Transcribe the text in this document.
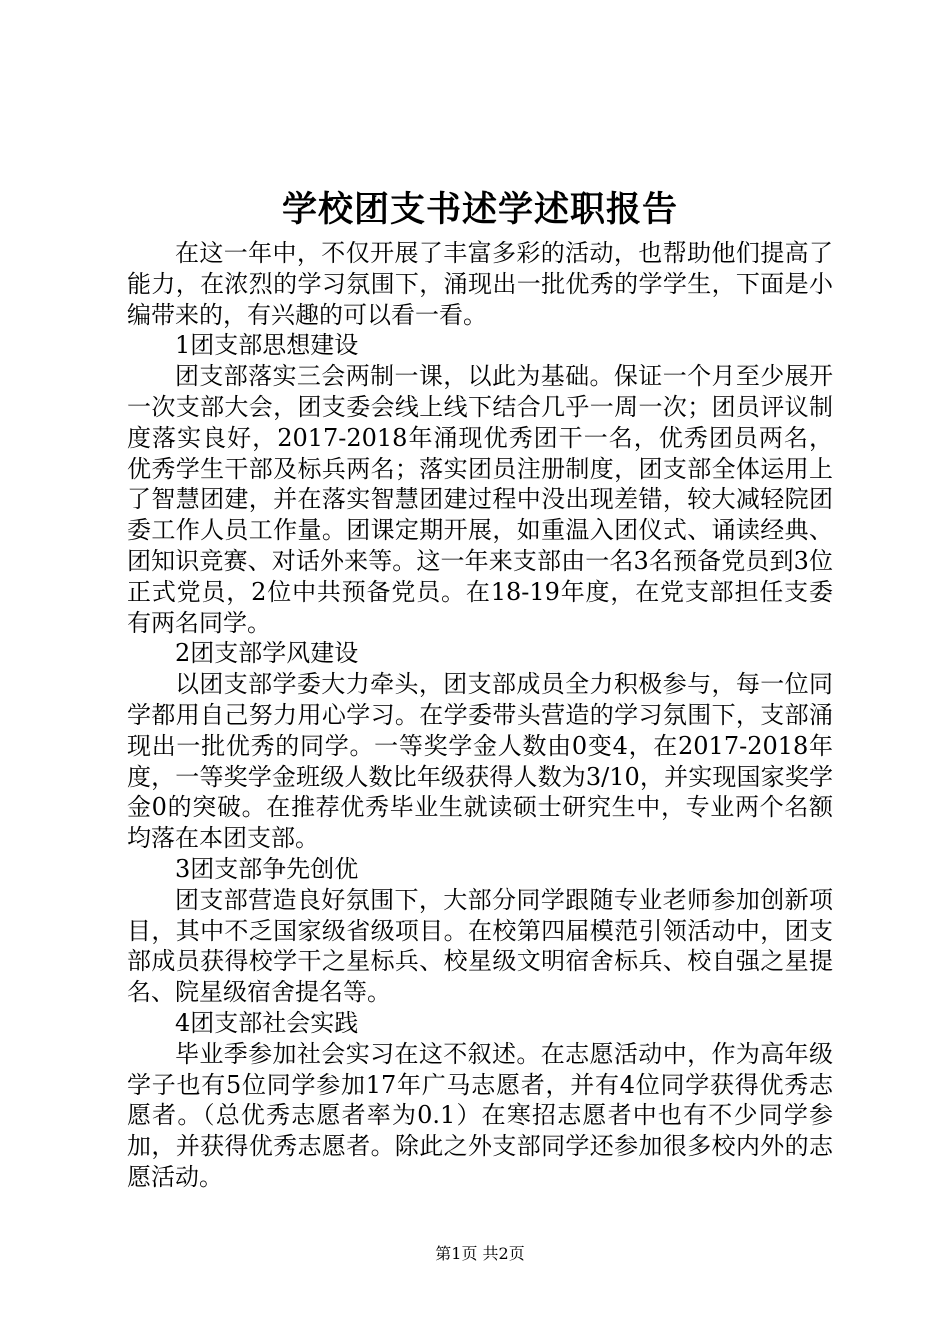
学校团支书述学述职报告

在这一年中，不仅开展了丰富多彩的活动，也帮助他们提高了能力，在浓烈的学习氛围下，涌现出一批优秀的学学生，下面是小编带来的，有兴趣的可以看一看。

1团支部思想建设

团支部落实三会两制一课，以此为基础。保证一个月至少展开一次支部大会，团支委会线上线下结合几乎一周一次；团员评议制度落实良好，2017-2018年涌现优秀团干一名，优秀团员两名，优秀学生干部及标兵两名；落实团员注册制度，团支部全体运用上了智慧团建，并在落实智慧团建过程中没出现差错，较大减轻院团委工作人员工作量。团课定期开展，如重温入团仪式、诵读经典、团知识竞赛、对话外来等。这一年来支部由一名3名预备党员到3位正式党员，2位中共预备党员。在18-19年度，在党支部担任支委有两名同学。

2团支部学风建设

以团支部学委大力牵头，团支部成员全力积极参与，每一位同学都用自己努力用心学习。在学委带头营造的学习氛围下，支部涌现出一批优秀的同学。一等奖学金人数由0变4，在2017-2018年度，一等奖学金班级人数比年级获得人数为3/10，并实现国家奖学金0的突破。在推荐优秀毕业生就读硕士研究生中，专业两个名额均落在本团支部。

3团支部争先创优

团支部营造良好氛围下，大部分同学跟随专业老师参加创新项目，其中不乏国家级省级项目。在校第四届模范引领活动中，团支部成员获得校学干之星标兵、校星级文明宿舍标兵、校自强之星提名、院星级宿舍提名等。

4团支部社会实践

毕业季参加社会实习在这不叙述。在志愿活动中，作为高年级学子也有5位同学参加17年广马志愿者，并有4位同学获得优秀志愿者。（总优秀志愿者率为0.1）在寒招志愿者中也有不少同学参加，并获得优秀志愿者。除此之外支部同学还参加很多校内外的志愿活动。

第1页 共2页
